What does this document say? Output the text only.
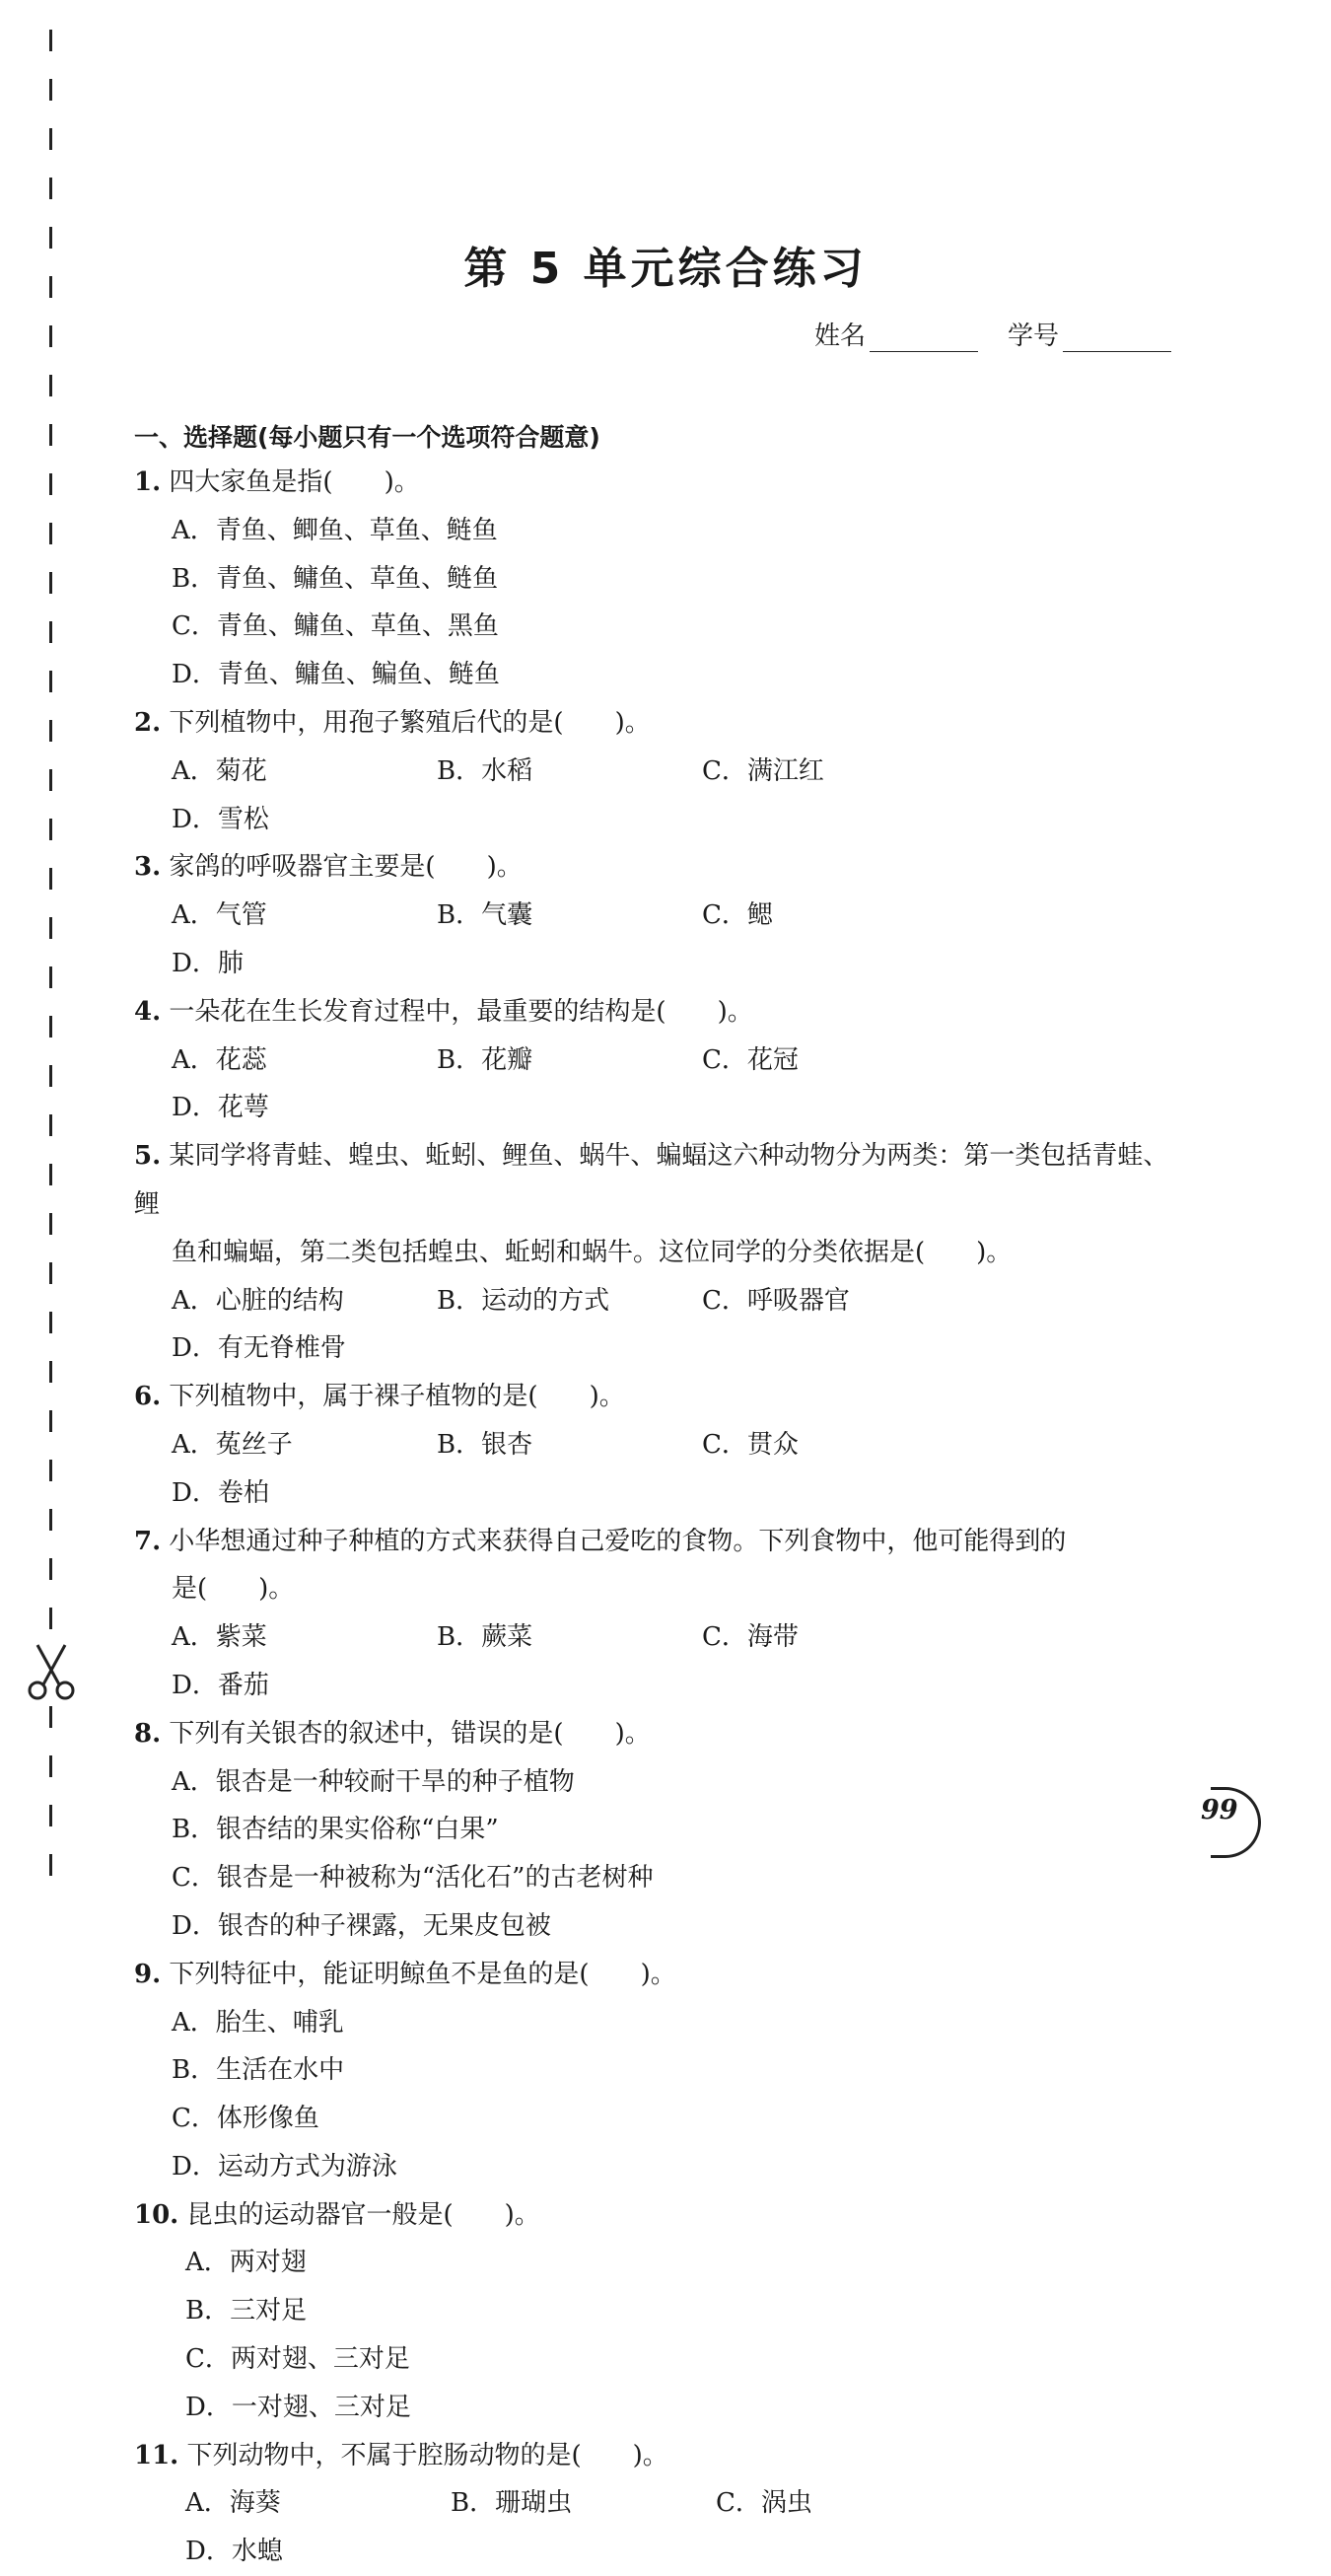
第 5 单元综合练习
姓名	学号
一、选择题(每小题只有一个选项符合题意)
1. 四大家鱼是指(　　)。
A．青鱼、鲫鱼、草鱼、鲢鱼
B．青鱼、鳙鱼、草鱼、鲢鱼
C．青鱼、鳙鱼、草鱼、黑鱼
D．青鱼、鳙鱼、鳊鱼、鲢鱼
2. 下列植物中，用孢子繁殖后代的是(　　)。
A．菊花	B．水稻	C．满江红
D．雪松
3. 家鸽的呼吸器官主要是(　　)。
A．气管	B．气囊	C．鳃
D．肺
4. 一朵花在生长发育过程中，最重要的结构是(　　)。
A．花蕊	B．花瓣	C．花冠
D．花萼
5. 某同学将青蛙、蝗虫、蚯蚓、鲤鱼、蜗牛、蝙蝠这六种动物分为两类：第一类包括青蛙、鲤
鱼和蝙蝠，第二类包括蝗虫、蚯蚓和蜗牛。这位同学的分类依据是(　　)。
A．心脏的结构	B．运动的方式	C．呼吸器官
D．有无脊椎骨
6. 下列植物中，属于裸子植物的是(　　)。
A．菟丝子	B．银杏	C．贯众
D．卷柏
7. 小华想通过种子种植的方式来获得自己爱吃的食物。下列食物中，他可能得到的
是(　　)。
A．紫菜	B．蕨菜	C．海带
D．番茄
8. 下列有关银杏的叙述中，错误的是(　　)。
A．银杏是一种较耐干旱的种子植物
B．银杏结的果实俗称“白果”
C．银杏是一种被称为“活化石”的古老树种
D．银杏的种子裸露，无果皮包被
9. 下列特征中，能证明鲸鱼不是鱼的是(　　)。
A．胎生、哺乳
B．生活在水中
C．体形像鱼
D．运动方式为游泳
10. 昆虫的运动器官一般是(　　)。
A．两对翅
B．三对足
C．两对翅、三对足
D．一对翅、三对足
11. 下列动物中，不属于腔肠动物的是(　　)。
A．海葵	B．珊瑚虫	C．涡虫
D．水螅
99
